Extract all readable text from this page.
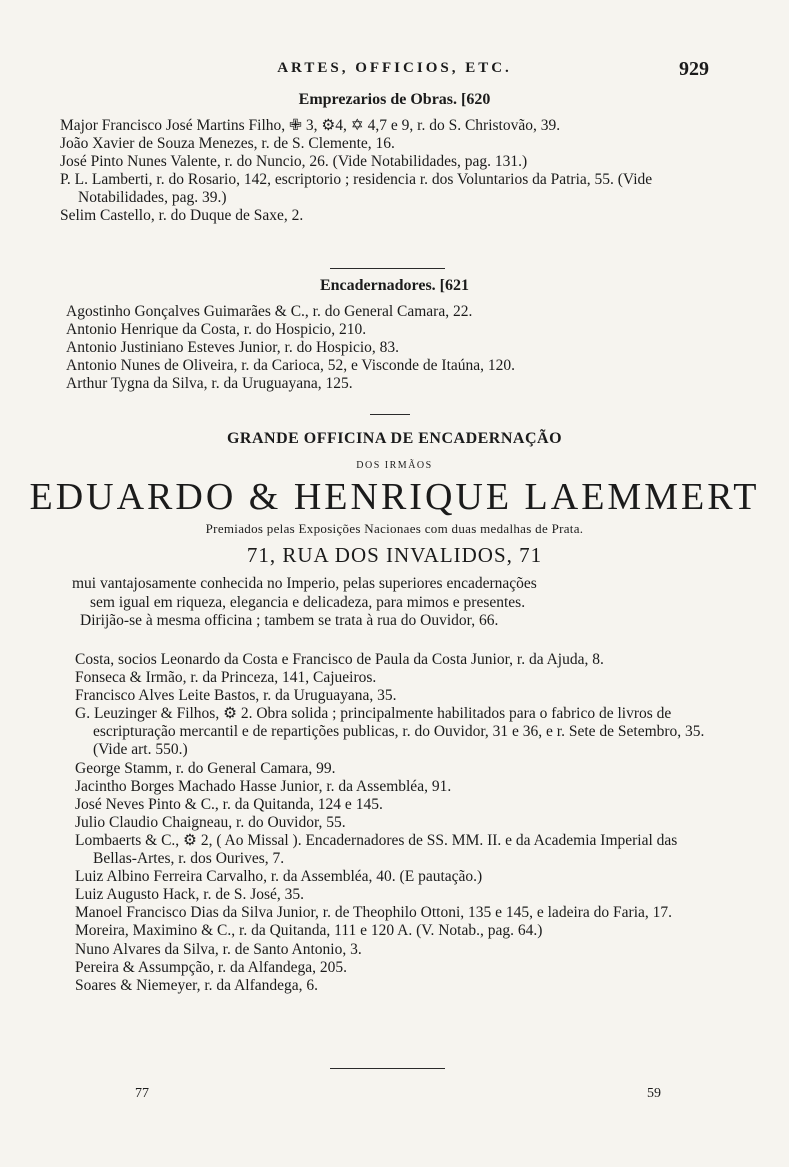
ARTES, OFFICIOS, ETC.	929
Emprezarios de Obras. [620
Major Francisco José Martins Filho, ✙ 3, ⚙4, ✡ 4,7 e 9, r. do S. Christovão, 39.
João Xavier de Souza Menezes, r. de S. Clemente, 16.
José Pinto Nunes Valente, r. do Nuncio, 26. (Vide Notabilidades, pag. 131.)
P. L. Lamberti, r. do Rosario, 142, escriptorio ; residencia r. dos Voluntarios da Patria, 55. (Vide Notabilidades, pag. 39.)
Selim Castello, r. do Duque de Saxe, 2.
Encadernadores. [621
Agostinho Gonçalves Guimarães & C., r. do General Camara, 22.
Antonio Henrique da Costa, r. do Hospicio, 210.
Antonio Justiniano Esteves Junior, r. do Hospicio, 83.
Antonio Nunes de Oliveira, r. da Carioca, 52, e Visconde de Itaúna, 120.
Arthur Tygna da Silva, r. da Uruguayana, 125.
GRANDE OFFICINA DE ENCADERNAÇÃO
DOS IRMÃOS
EDUARDO & HENRIQUE LAEMMERT
Premiados pelas Exposições Nacionaes com duas medalhas de Prata.
71, RUA DOS INVALIDOS, 71

mui vantajosamente conhecida no Imperio, pelas superiores encadernações

sem igual em riqueza, elegancia e delicadeza, para mimos e presentes.

Dirijão-se à mesma officina ; tambem se trata à rua do Ouvidor, 66.

Costa, socios Leonardo da Costa e Francisco de Paula da Costa Junior, r. da Ajuda, 8.
Fonseca & Irmão, r. da Princeza, 141, Cajueiros.
Francisco Alves Leite Bastos, r. da Uruguayana, 35.
G. Leuzinger & Filhos, ⚙ 2. Obra solida ; principalmente habilitados para o fabrico de livros de escripturação mercantil e de repartições publicas, r. do Ouvidor, 31 e 36, e r. Sete de Setembro, 35. (Vide art. 550.)
George Stamm, r. do General Camara, 99.
Jacintho Borges Machado Hasse Junior, r. da Assembléa, 91.
José Neves Pinto & C., r. da Quitanda, 124 e 145.
Julio Claudio Chaigneau, r. do Ouvidor, 55.
Lombaerts & C., ⚙ 2, ( Ao Missal ). Encadernadores de SS. MM. II. e da Academia Imperial das Bellas-Artes, r. dos Ourives, 7.
Luiz Albino Ferreira Carvalho, r. da Assembléa, 40. (E pautação.)
Luiz Augusto Hack, r. de S. José, 35.
Manoel Francisco Dias da Silva Junior, r. de Theophilo Ottoni, 135 e 145, e ladeira do Faria, 17.
Moreira, Maximino & C., r. da Quitanda, 111 e 120 A. (V. Notab., pag. 64.)
Nuno Alvares da Silva, r. de Santo Antonio, 3.
Pereira & Assumpção, r. da Alfandega, 205.
Soares & Niemeyer, r. da Alfandega, 6.
77	59
